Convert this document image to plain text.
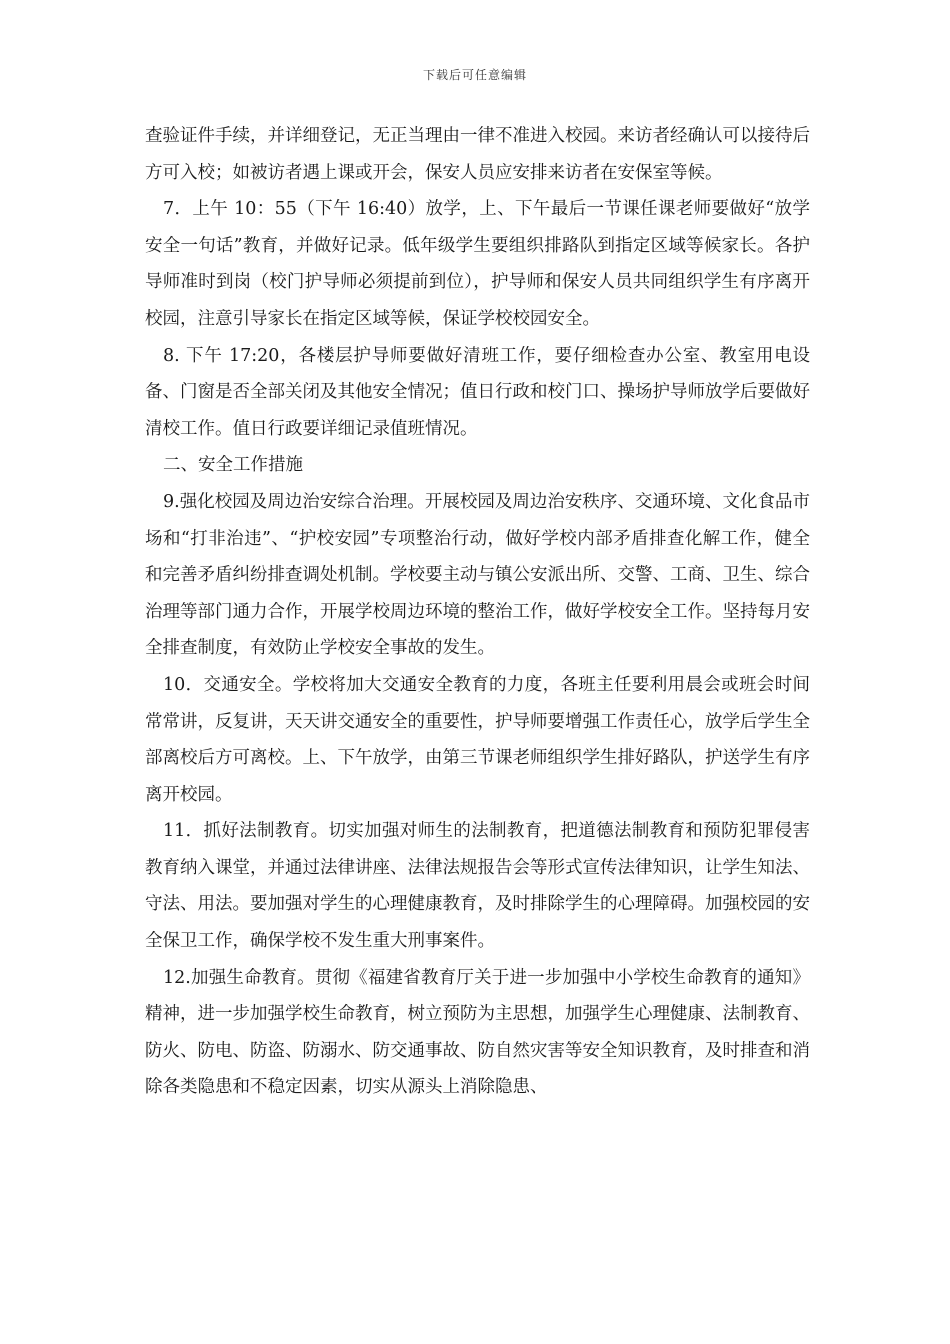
下载后可任意编辑

查验证件手续，并详细登记，无正当理由一律不准进入校园。来访者经确认可以接待后方可入校；如被访者遇上课或开会，保安人员应安排来访者在安保室等候。

7．上午 10：55（下午 16:40）放学，上、下午最后一节课任课老师要做好“放学安全一句话”教育，并做好记录。低年级学生要组织排路队到指定区域等候家长。各护导师准时到岗（校门护导师必须提前到位），护导师和保安人员共同组织学生有序离开校园，注意引导家长在指定区域等候，保证学校校园安全。

8. 下午 17:20，各楼层护导师要做好清班工作，要仔细检查办公室、教室用电设备、门窗是否全部关闭及其他安全情况；值日行政和校门口、操场护导师放学后要做好清校工作。值日行政要详细记录值班情况。

二、安全工作措施

9.强化校园及周边治安综合治理。开展校园及周边治安秩序、交通环境、文化食品市场和“打非治违”、“护校安园”专项整治行动，做好学校内部矛盾排查化解工作，健全和完善矛盾纠纷排查调处机制。学校要主动与镇公安派出所、交警、工商、卫生、综合治理等部门通力合作，开展学校周边环境的整治工作，做好学校安全工作。坚持每月安全排查制度，有效防止学校安全事故的发生。

10．交通安全。学校将加大交通安全教育的力度，各班主任要利用晨会或班会时间常常讲，反复讲，天天讲交通安全的重要性，护导师要增强工作责任心，放学后学生全部离校后方可离校。上、下午放学，由第三节课老师组织学生排好路队，护送学生有序离开校园。

11．抓好法制教育。切实加强对师生的法制教育，把道德法制教育和预防犯罪侵害教育纳入课堂，并通过法律讲座、法律法规报告会等形式宣传法律知识，让学生知法、守法、用法。要加强对学生的心理健康教育，及时排除学生的心理障碍。加强校园的安全保卫工作，确保学校不发生重大刑事案件。

12.加强生命教育。贯彻《福建省教育厅关于进一步加强中小学校生命教育的通知》精神，进一步加强学校生命教育，树立预防为主思想，加强学生心理健康、法制教育、防火、防电、防盗、防溺水、防交通事故、防自然灾害等安全知识教育，及时排查和消除各类隐患和不稳定因素，切实从源头上消除隐患、
